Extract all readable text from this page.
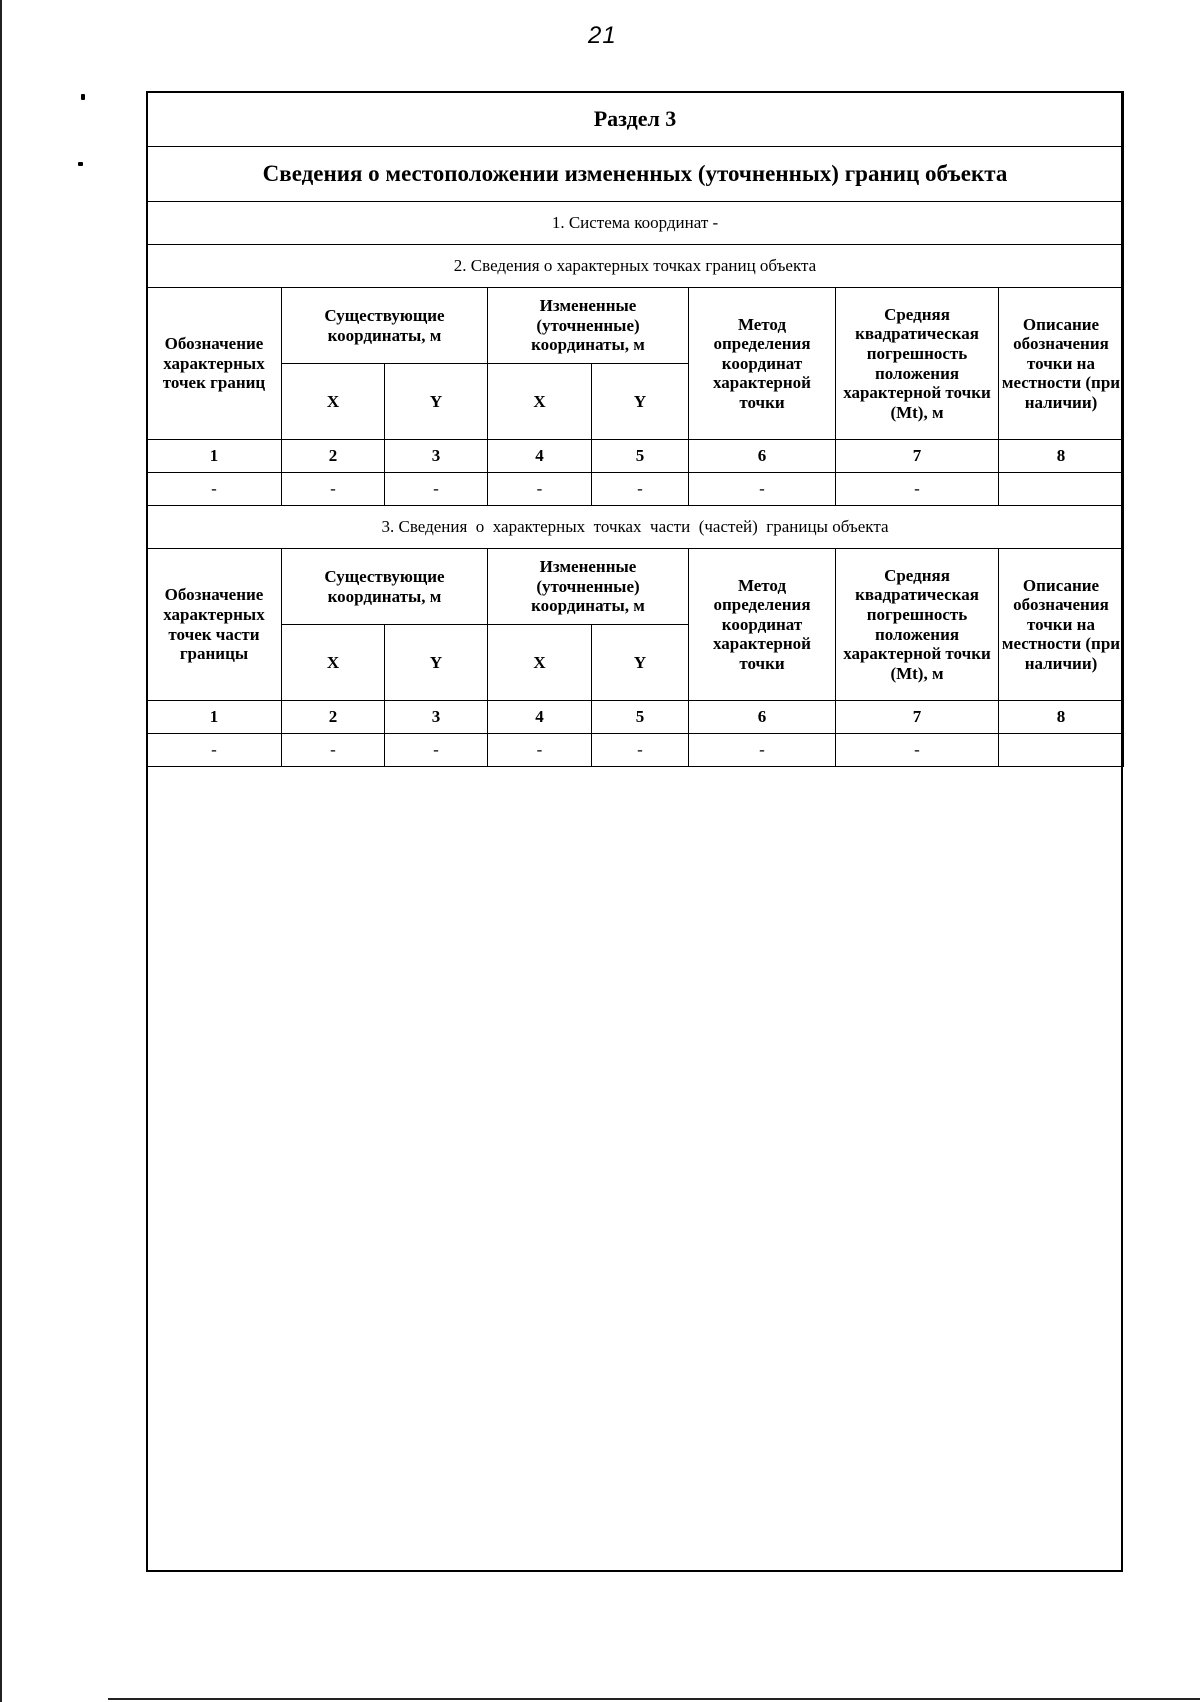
21
Раздел 3							
Сведения о местоположении измененных (уточненных) границ объекта							
1. Система координат -							
2. Сведения о характерных точках границ объекта							
Обозначение характерных точек границ	Существующие координаты, м		Измененные (уточненные) координаты, м		Метод определения координат характерной точки	Средняя квадратическая погрешность положения характерной точки (Mt), м	Описание обозначения точки на местности (при наличии)
	X	Y	X	Y			
1	2	3	4	5	6	7	8
-	-	-	-	-	-	-	
3. Сведения  о  характерных  точках  части  (частей)  границы объекта							
Обозначение характерных точек части границы	Существующие координаты, м		Измененные (уточненные) координаты, м		Метод определения координат характерной точки	Средняя квадратическая погрешность положения характерной точки (Mt), м	Описание обозначения точки на местности (при наличии)
	X	Y	X	Y			
1	2	3	4	5	6	7	8
-	-	-	-	-	-	-	
